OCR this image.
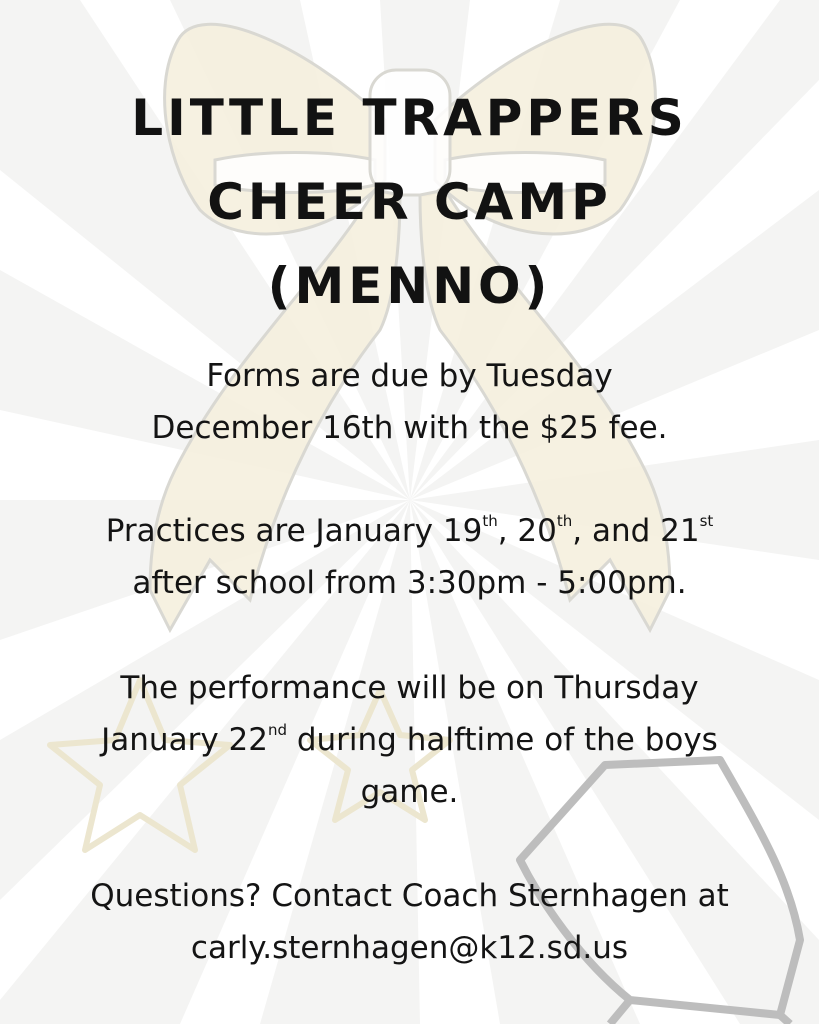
LITTLE TRAPPERS
CHEER CAMP
(MENNO)
Forms are due by Tuesday
December 16th with the $25 fee.
Practices are January 19th, 20th, and 21st
after school from 3:30pm - 5:00pm.
The performance will be on Thursday
January 22nd during halftime of the boys
game.
Questions? Contact Coach Sternhagen at
carly.sternhagen@k12.sd.us
